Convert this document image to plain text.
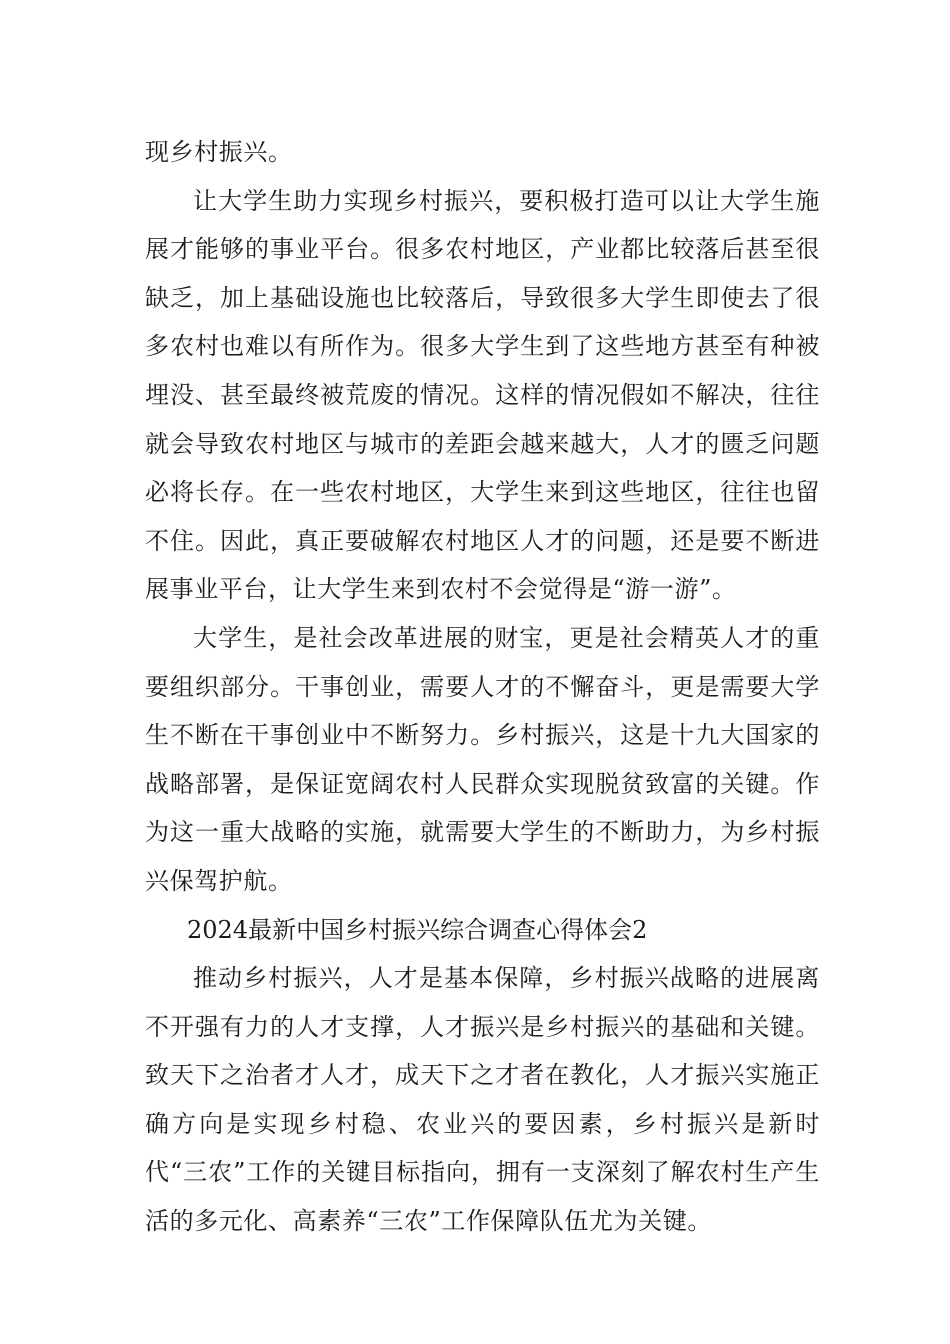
现乡村振兴。

让大学生助力实现乡村振兴，要积极打造可以让大学生施展才能够的事业平台。很多农村地区，产业都比较落后甚至很缺乏，加上基础设施也比较落后，导致很多大学生即使去了很多农村也难以有所作为。很多大学生到了这些地方甚至有种被埋没、甚至最终被荒废的情况。这样的情况假如不解决，往往就会导致农村地区与城市的差距会越来越大，人才的匮乏问题必将长存。在一些农村地区，大学生来到这些地区，往往也留不住。因此，真正要破解农村地区人才的问题，还是要不断进展事业平台，让大学生来到农村不会觉得是“游一游”。

大学生，是社会改革进展的财宝，更是社会精英人才的重要组织部分。干事创业，需要人才的不懈奋斗，更是需要大学生不断在干事创业中不断努力。乡村振兴，这是十九大国家的战略部署，是保证宽阔农村人民群众实现脱贫致富的关键。作为这一重大战略的实施，就需要大学生的不断助力，为乡村振兴保驾护航。

2024最新中国乡村振兴综合调查心得体会2

推动乡村振兴，人才是基本保障，乡村振兴战略的进展离不开强有力的人才支撑，人才振兴是乡村振兴的基础和关键。致天下之治者才人才，成天下之才者在教化，人才振兴实施正确方向是实现乡村稳、农业兴的要因素，乡村振兴是新时代“三农”工作的关键目标指向，拥有一支深刻了解农村生产生活的多元化、高素养“三农”工作保障队伍尤为关键。
